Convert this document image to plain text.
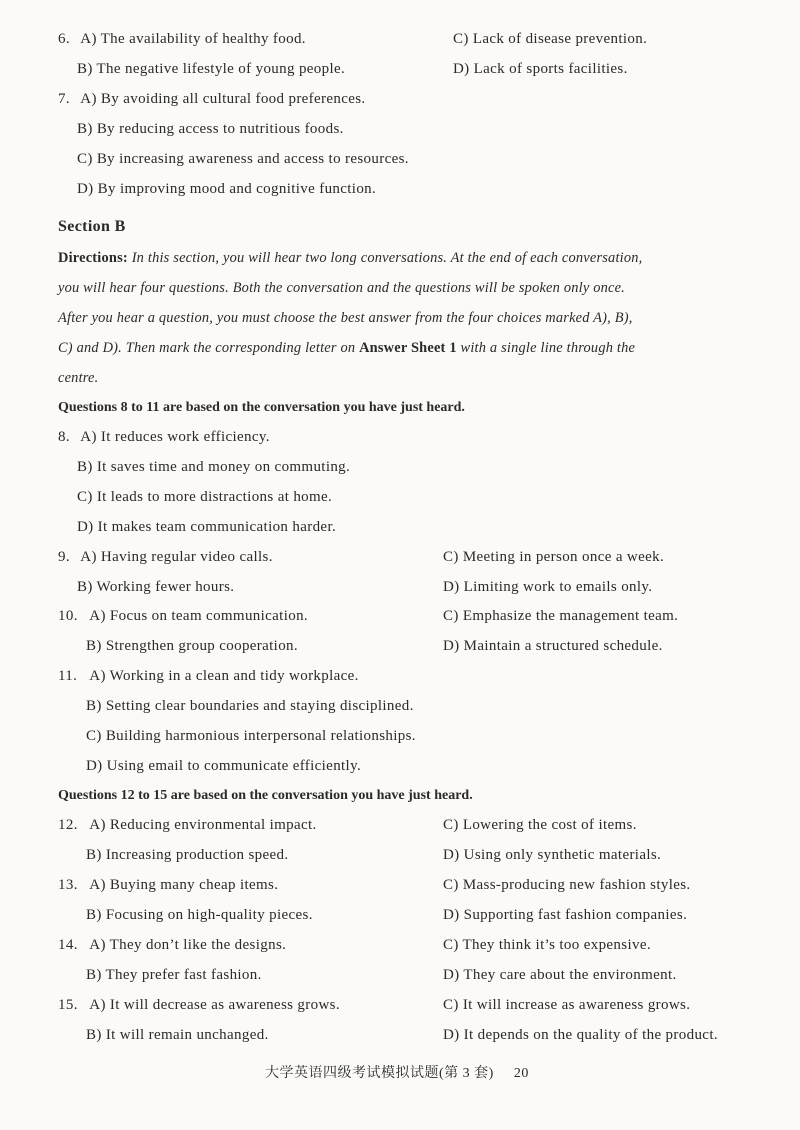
6. A) The availability of healthy food.	C) Lack of disease prevention.
B) The negative lifestyle of young people.	D) Lack of sports facilities.
7. A) By avoiding all cultural food preferences.
B) By reducing access to nutritious foods.
C) By increasing awareness and access to resources.
D) By improving mood and cognitive function.
Section B
Directions: In this section, you will hear two long conversations. At the end of each conversation,
you will hear four questions. Both the conversation and the questions will be spoken only once.
After you hear a question, you must choose the best answer from the four choices marked A), B),
C) and D). Then mark the corresponding letter on Answer Sheet 1 with a single line through the
centre.
Questions 8 to 11 are based on the conversation you have just heard.
8. A) It reduces work efficiency.
B) It saves time and money on commuting.
C) It leads to more distractions at home.
D) It makes team communication harder.
9. A) Having regular video calls.	C) Meeting in person once a week.
B) Working fewer hours.	D) Limiting work to emails only.
10. A) Focus on team communication.	C) Emphasize the management team.
B) Strengthen group cooperation.	D) Maintain a structured schedule.
11. A) Working in a clean and tidy workplace.
B) Setting clear boundaries and staying disciplined.
C) Building harmonious interpersonal relationships.
D) Using email to communicate efficiently.
Questions 12 to 15 are based on the conversation you have just heard.
12. A) Reducing environmental impact.	C) Lowering the cost of items.
B) Increasing production speed.	D) Using only synthetic materials.
13. A) Buying many cheap items.	C) Mass-producing new fashion styles.
B) Focusing on high-quality pieces.	D) Supporting fast fashion companies.
14. A) They don’t like the designs.	C) They think it’s too expensive.
B) They prefer fast fashion.	D) They care about the environment.
15. A) It will decrease as awareness grows.	C) It will increase as awareness grows.
B) It will remain unchanged.	D) It depends on the quality of the product.
大学英语四级考试模拟试题(第 3 套) 20
